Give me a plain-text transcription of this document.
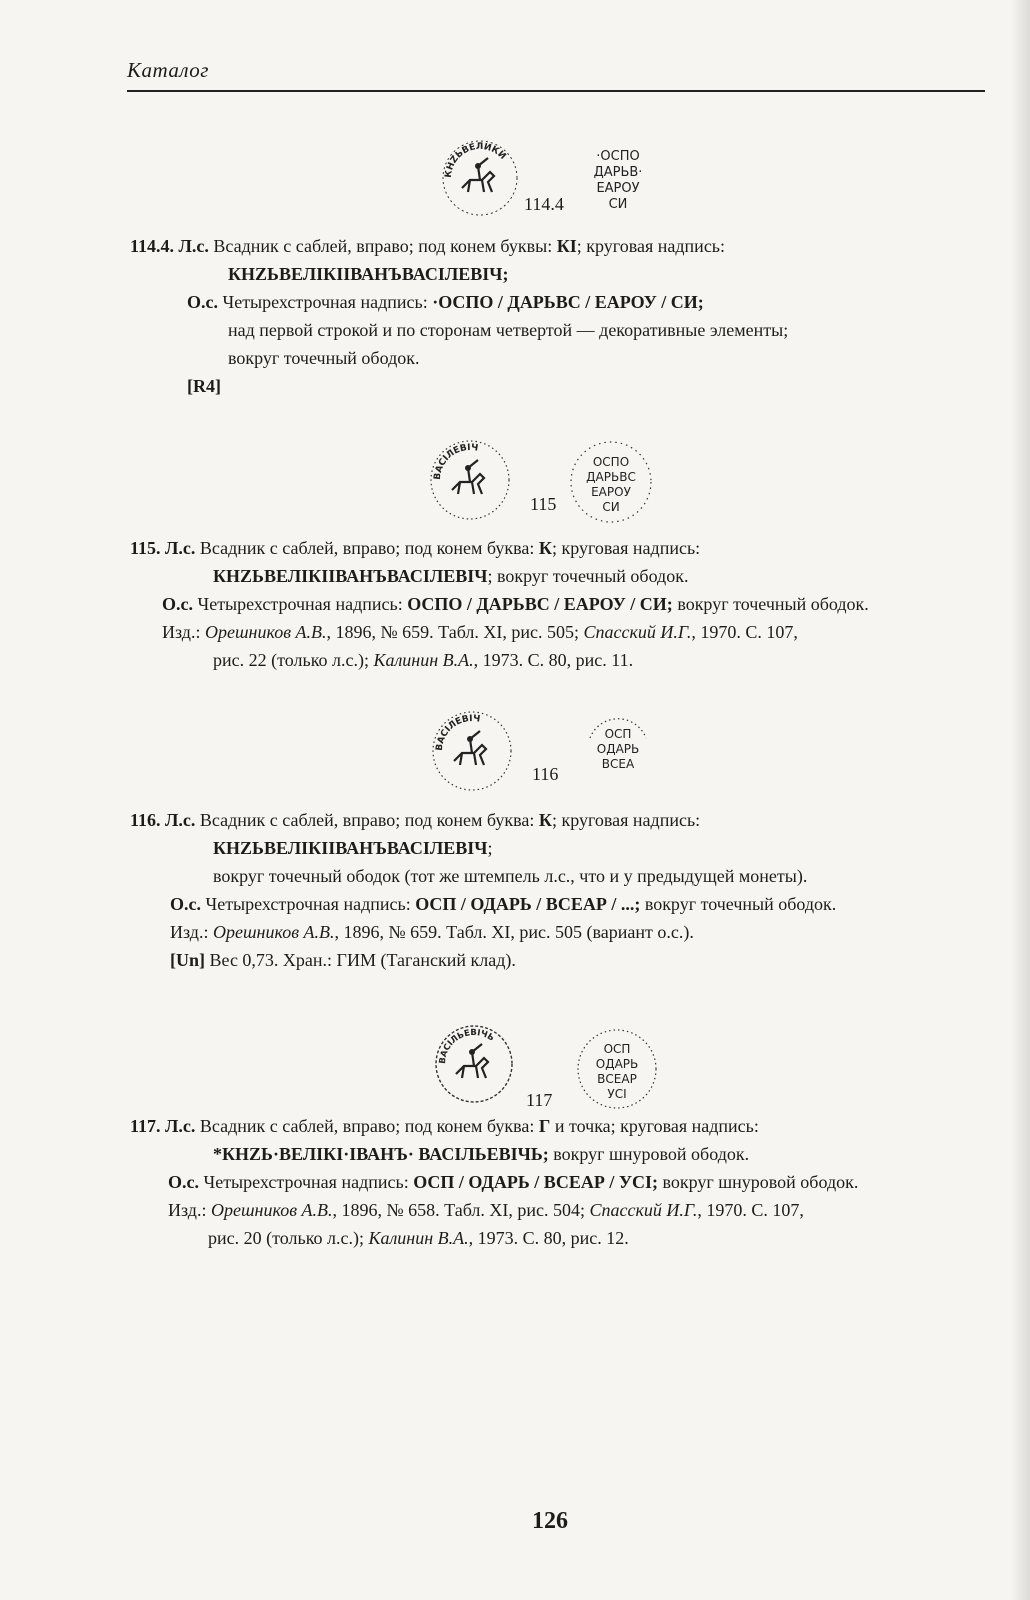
Каталог
КНZЬВЕЛИКИ	·ОСПО
ДАРЬВ·
ЕАРОУ
СИ
114.4
114.4. Л.с. Всадник с саблей, вправо; под конем буквы: КІ; круговая надпись:
КНZЬВЕЛІКІІВАНЪВАСІЛЕВІЧ;
О.с. Четырехстрочная надпись: ·ОСПО / ДАРЬВС / ЕАРОУ / СИ;
над первой строкой и по сторонам четвертой — декоративные элементы;
вокруг точечный ободок.
[R4]
ВАСІЛЕВІЧ
ОСПО
ДАРЬВС
ЕАРОУ
СИ
115
115. Л.с. Всадник с саблей, вправо; под конем буква: К; круговая надпись:
КНZЬВЕЛІКІІВАНЪВАСІЛЕВІЧ; вокруг точечный ободок.
О.с. Четырехстрочная надпись: ОСПО / ДАРЬВС / ЕАРОУ / СИ; вокруг точечный ободок.
Изд.: Орешников А.В., 1896, № 659. Табл. XI, рис. 505; Спасский И.Г., 1970. С. 107,
рис. 22 (только л.с.); Калинин В.А., 1973. С. 80, рис. 11.
ВАСІЛЕВІЧ
ОСП
ОДАРЬ
ВСЕА
116
116. Л.с. Всадник с саблей, вправо; под конем буква: К; круговая надпись:
КНZЬВЕЛІКІІВАНЪВАСІЛЕВІЧ;
вокруг точечный ободок (тот же штемпель л.с., что и у предыдущей монеты).
О.с. Четырехстрочная надпись: ОСП / ОДАРЬ / ВСЕАР / ...; вокруг точечный ободок.
Изд.: Орешников А.В., 1896, № 659. Табл. XI, рис. 505 (вариант о.с.).
[Un] Вес 0,73. Хран.: ГИМ (Таганский клад).
ВАСІЛЬЕВІЧЬ
ОСП
ОДАРЬ
ВСЕАР
УСІ
117
117. Л.с. Всадник с саблей, вправо; под конем буква: Г и точка; круговая надпись:
*КНZЬ·ВЕЛІКІ·ІВАНЪ· ВАСІЛЬЕВІЧЬ; вокруг шнуровой ободок.
О.с. Четырехстрочная надпись: ОСП / ОДАРЬ / ВСЕАР / УСІ; вокруг шнуровой ободок.
Изд.: Орешников А.В., 1896, № 658. Табл. XI, рис. 504; Спасский И.Г., 1970. С. 107,
рис. 20 (только л.с.); Калинин В.А., 1973. С. 80, рис. 12.
126
